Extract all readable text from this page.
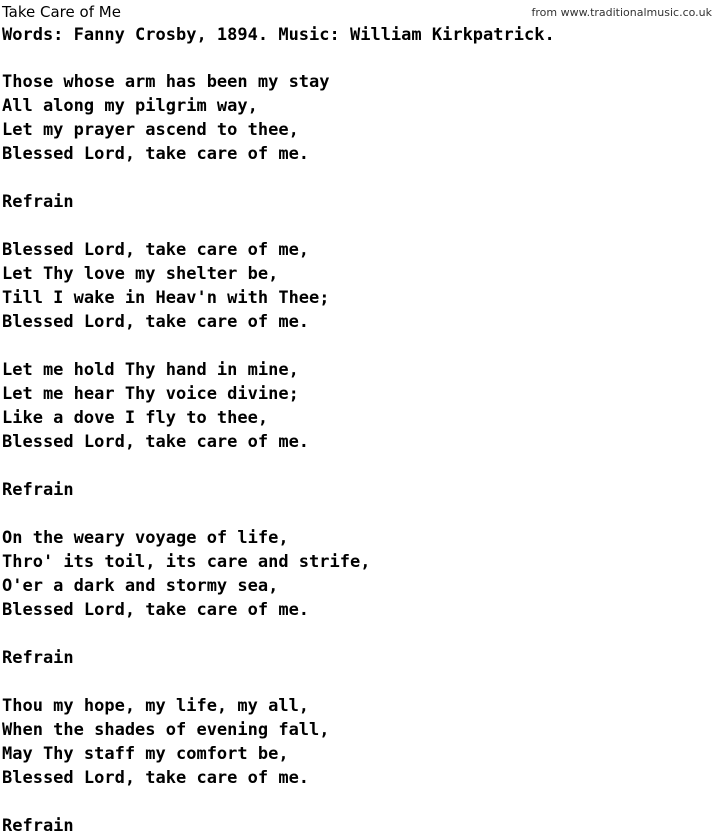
from www.traditionalmusic.co.uk
Take Care of Me
Words: Fanny Crosby, 1894. Music: William Kirkpatrick.
Those whose arm has been my stay
All along my pilgrim way,
Let my prayer ascend to thee,
Blessed Lord, take care of me.
Refrain
Blessed Lord, take care of me,
Let Thy love my shelter be,
Till I wake in Heav'n with Thee;
Blessed Lord, take care of me.
Let me hold Thy hand in mine,
Let me hear Thy voice divine;
Like a dove I fly to thee,
Blessed Lord, take care of me.
Refrain
On the weary voyage of life,
Thro' its toil, its care and strife,
O'er a dark and stormy sea,
Blessed Lord, take care of me.
Refrain
Thou my hope, my life, my all,
When the shades of evening fall,
May Thy staff my comfort be,
Blessed Lord, take care of me.
Refrain
